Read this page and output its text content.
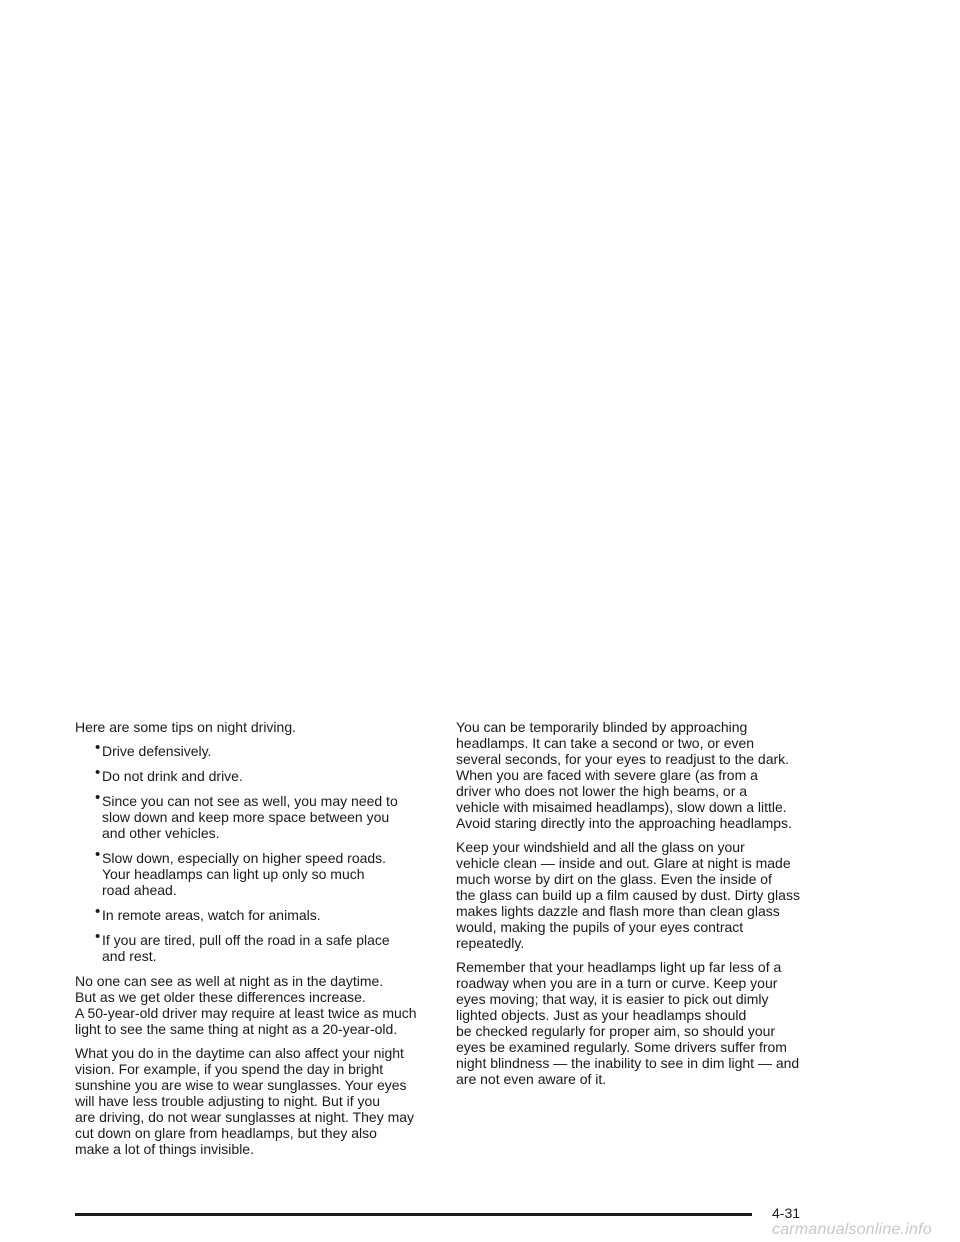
Here are some tips on night driving.

• Drive defensively.
• Do not drink and drive.
• Since you can not see as well, you may need to
slow down and keep more space between you
and other vehicles.
• Slow down, especially on higher speed roads.
Your headlamps can light up only so much
road ahead.
• In remote areas, watch for animals.
• If you are tired, pull off the road in a safe place
and rest.

No one can see as well at night as in the daytime.
But as we get older these differences increase.
A 50-year-old driver may require at least twice as much
light to see the same thing at night as a 20-year-old.

What you do in the daytime can also affect your night
vision. For example, if you spend the day in bright
sunshine you are wise to wear sunglasses. Your eyes
will have less trouble adjusting to night. But if you
are driving, do not wear sunglasses at night. They may
cut down on glare from headlamps, but they also
make a lot of things invisible.

You can be temporarily blinded by approaching
headlamps. It can take a second or two, or even
several seconds, for your eyes to readjust to the dark.
When you are faced with severe glare (as from a
driver who does not lower the high beams, or a
vehicle with misaimed headlamps), slow down a little.
Avoid staring directly into the approaching headlamps.

Keep your windshield and all the glass on your
vehicle clean — inside and out. Glare at night is made
much worse by dirt on the glass. Even the inside of
the glass can build up a film caused by dust. Dirty glass
makes lights dazzle and flash more than clean glass
would, making the pupils of your eyes contract
repeatedly.

Remember that your headlamps light up far less of a
roadway when you are in a turn or curve. Keep your
eyes moving; that way, it is easier to pick out dimly
lighted objects. Just as your headlamps should
be checked regularly for proper aim, so should your
eyes be examined regularly. Some drivers suffer from
night blindness — the inability to see in dim light — and
are not even aware of it.

4-31
carmanualsonline.info
